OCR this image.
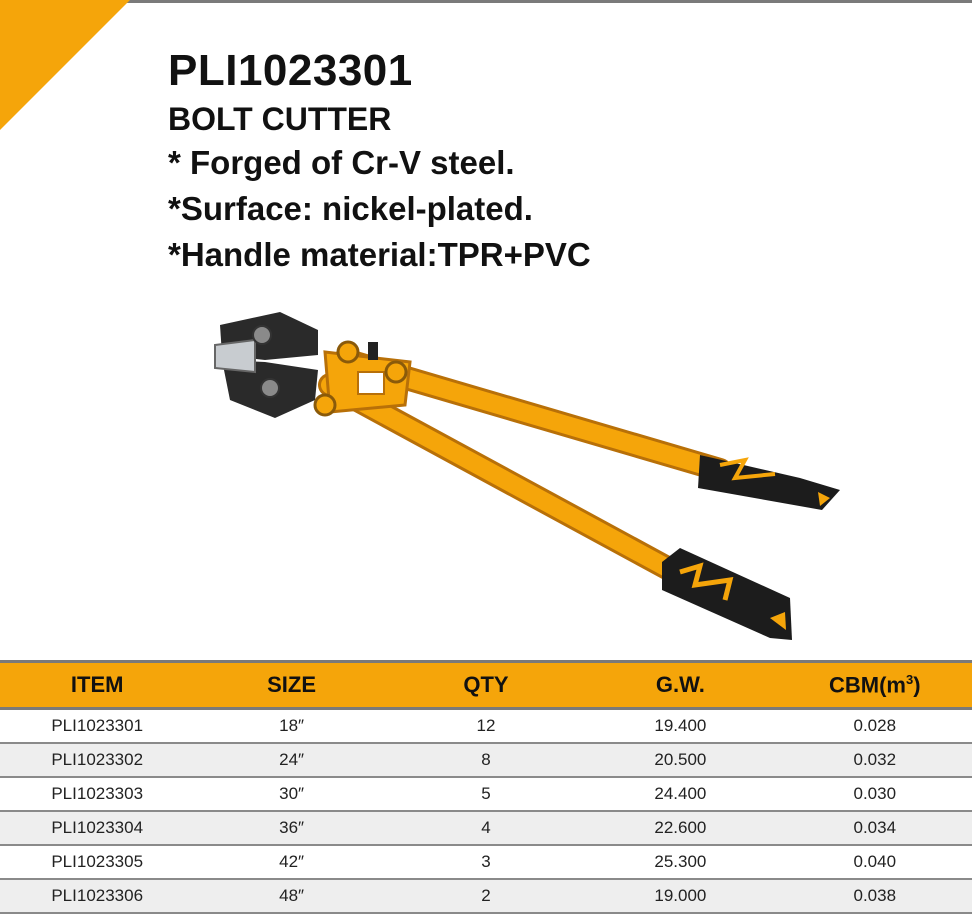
PLI1023301
BOLT CUTTER
* Forged of Cr-V steel.
*Surface: nickel-plated.
*Handle material:TPR+PVC
ITEM	SIZE	QTY	G.W.	$CBM(m^3)$
PLI1023301	18″	12	19.400	0.028
PLI1023302	24″	8	20.500	0.032
PLI1023303	30″	5	24.400	0.030
PLI1023304	36″	4	22.600	0.034
PLI1023305	42″	3	25.300	0.040
PLI1023306	48″	2	19.000	0.038
